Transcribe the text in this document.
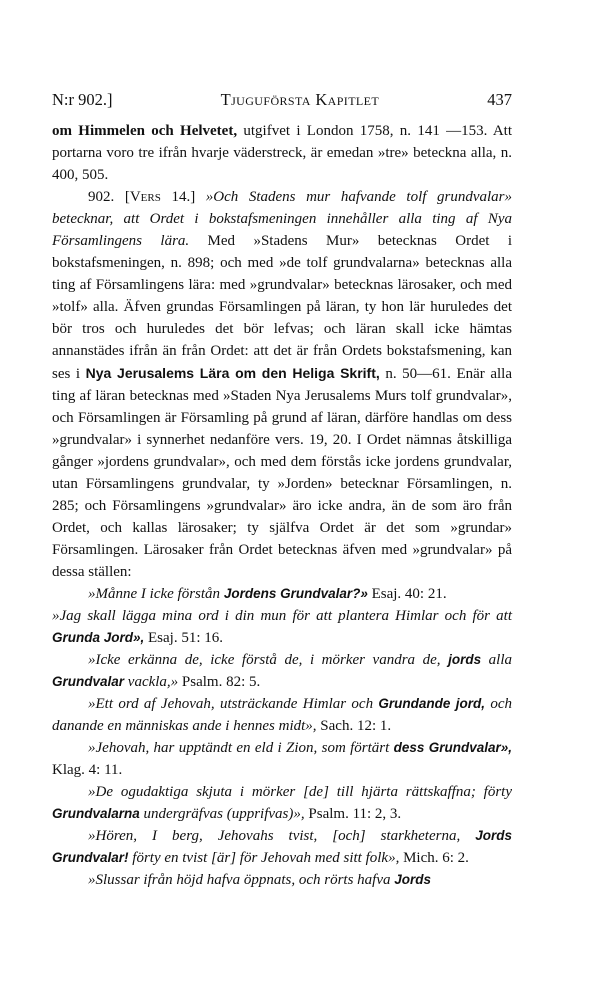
N:r 902.]	Tjuguförsta Kapitlet	437

om Himmelen och Helvetet, utgifvet i London 1758, n. 141 —153. Att portarna voro tre ifrån hvarje väderstreck, är emedan »tre» betecknа alla, n. 400, 505.

902. [Vers 14.] »Och Stadens mur hafvande tolf grundvalar» betecknar, att Ordet i bokstafsmeningen innehåller alla ting af Nya Församlingens lära. Med »Stadens Mur» betecknas Ordet i bokstafsmeningen, n. 898; och med »de tolf grundvalarna» betecknas alla ting af Församlingens lära: med »grundvalar» betecknas lärosaker, och med »tolf» alla. Äfven grundas Församlingen på läran, ty hon lär huruledes det bör tros och huruledes det bör lefvas; och läran skall icke hämtas annanstädes ifrån än från Ordet: att det är från Ordets bokstafsmening, kan ses i Nya Jerusalems Lära om den Heliga Skrift, n. 50—61. Enär alla ting af läran betecknas med »Staden Nya Jerusalems Murs tolf grundvalar», och Församlingen är Församling på grund af läran, därföre handlas om dess »grundvalar» i synnerhet nedanföre vers. 19, 20. I Ordet nämnas åtskilliga gånger »jordens grundvalar», och med dem förstås icke jordens grundvalar, utan Församlingens grundvalar, ty »Jorden» betecknar Församlingen, n. 285; och Församlingens »grundvalar» äro icke andra, än de som äro från Ordet, och kallas lärosaker; ty själfva Ordet är det som »grundar» Församlingen. Lärosaker från Ordet betecknas äfven med »grundvalar» på dessa ställen:

»Månne I icke förstån Jordens Grundvalar?» Esaj. 40: 21.

»Jag skall lägga mina ord i din mun för att plantera Himlar och för att Grunda Jord», Esaj. 51: 16.

»Icke erkänna de, icke förstå de, i mörker vandra de, jords alla Grundvalar vackla,» Psalm. 82: 5.

»Ett ord af Jehovah, utsträckande Himlar och Grundande jord, och danande en människas ande i hennes midt», Sach. 12: 1.

»Jehovah, har upptändt en eld i Zion, som förtärt dess Grundvalar», Klag. 4: 11.

»De ogudaktiga skjuta i mörker [de] till hjärta rättskaffna; förty Grundvalarna undergräfvas (upprifvas)», Psalm. 11: 2, 3.

»Hören, I berg, Jehovahs tvist, [och] starkheterna, Jords Grundvalar! förty en tvist [är] för Jehovah med sitt folk», Mich. 6: 2.

»Slussar ifrån höjd hafva öppnats, och rörts hafva Jords
